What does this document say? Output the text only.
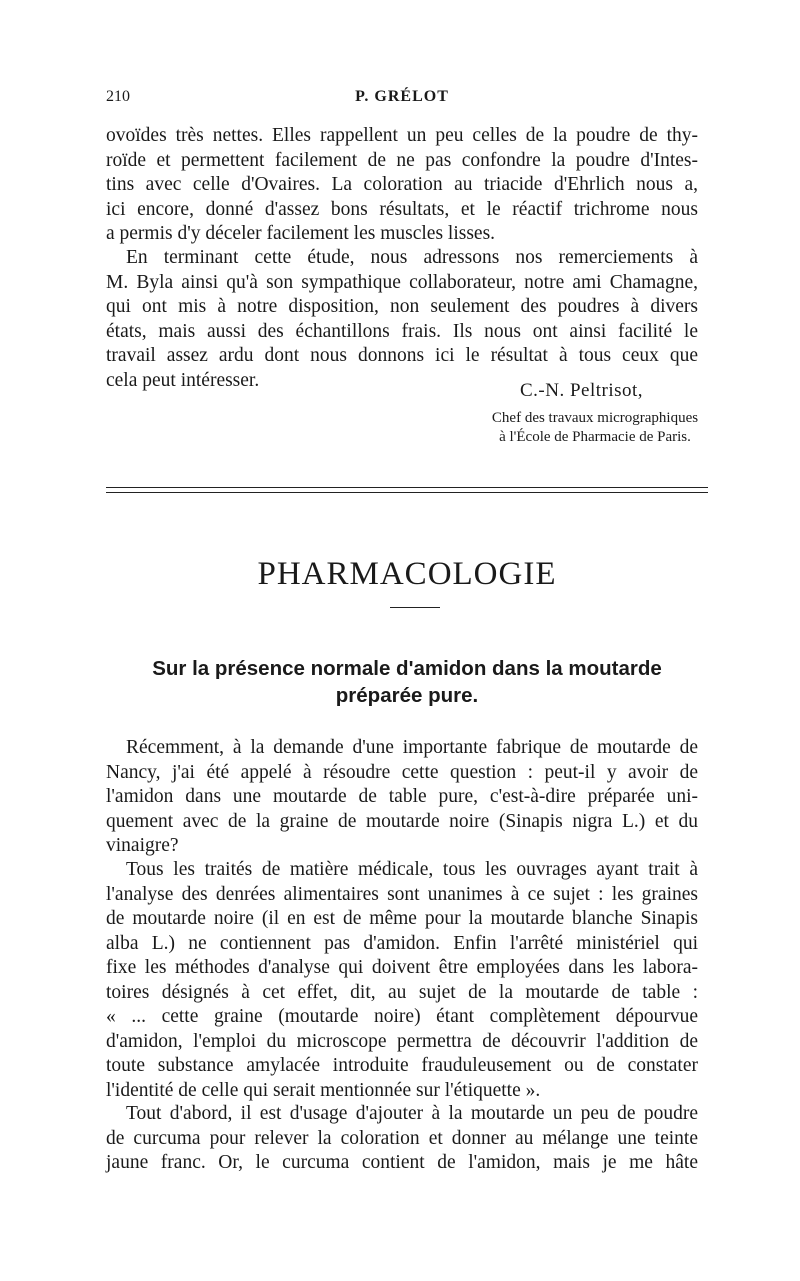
210	P. GRÉLOT

ovoïdes très nettes. Elles rappellent un peu celles de la poudre de thy-
roïde et permettent facilement de ne pas confondre la poudre d'Intes-
tins avec celle d'Ovaires. La coloration au triacide d'Ehrlich nous a,
ici encore, donné d'assez bons résultats, et le réactif trichrome nous
a permis d'y déceler facilement les muscles lisses.

En terminant cette étude, nous adressons nos remerciements à
M. Byla ainsi qu'à son sympathique collaborateur, notre ami Chamagne,
qui ont mis à notre disposition, non seulement des poudres à divers
états, mais aussi des échantillons frais. Ils nous ont ainsi facilité le
travail assez ardu dont nous donnons ici le résultat à tous ceux que
cela peut intéresser.	C.-N. Peltrisot,
Chef des travaux micrographiques
à l'École de Pharmacie de Paris.
PHARMACOLOGIE
Sur la présence normale d'amidon dans la moutarde
préparée pure.

Récemment, à la demande d'une importante fabrique de moutarde de
Nancy, j'ai été appelé à résoudre cette question : peut-il y avoir de
l'amidon dans une moutarde de table pure, c'est-à-dire préparée uni-
quement avec de la graine de moutarde noire (Sinapis nigra L.) et du
vinaigre?

Tous les traités de matière médicale, tous les ouvrages ayant trait à
l'analyse des denrées alimentaires sont unanimes à ce sujet : les graines
de moutarde noire (il en est de même pour la moutarde blanche Sinapis
alba L.) ne contiennent pas d'amidon. Enfin l'arrêté ministériel qui
fixe les méthodes d'analyse qui doivent être employées dans les labora-
toires désignés à cet effet, dit, au sujet de la moutarde de table :
« ... cette graine (moutarde noire) étant complètement dépourvue
d'amidon, l'emploi du microscope permettra de découvrir l'addition de
toute substance amylacée introduite frauduleusement ou de constater
l'identité de celle qui serait mentionnée sur l'étiquette ».

Tout d'abord, il est d'usage d'ajouter à la moutarde un peu de poudre
de curcuma pour relever la coloration et donner au mélange une teinte
jaune franc. Or, le curcuma contient de l'amidon, mais je me hâte
